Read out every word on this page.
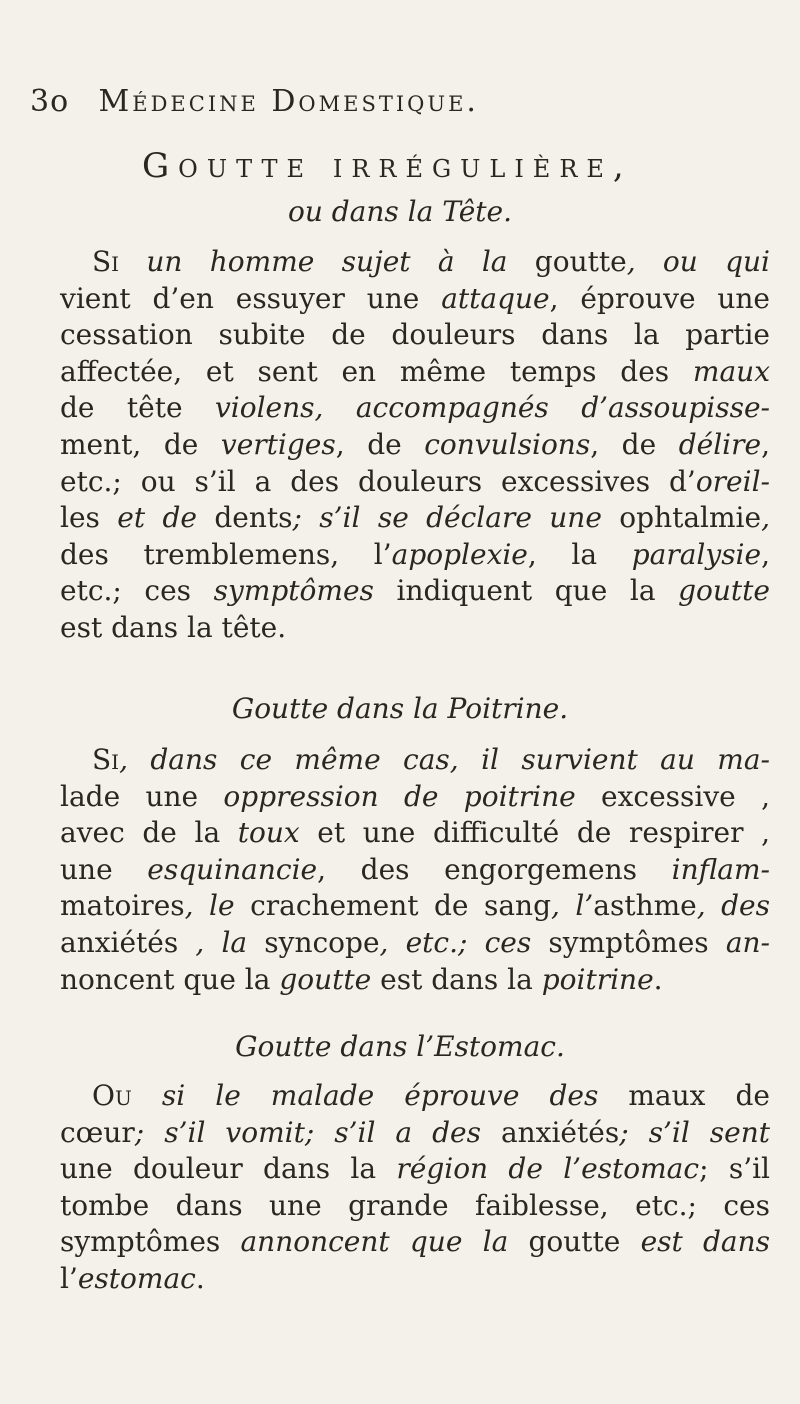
3o Médecine Domestique.
Goutte irrégulière,
ou dans la Tête.
Si un homme sujet à la goutte, ou qui
vient d’en essuyer une attaque, éprouve une
cessation subite de douleurs dans la partie
affectée, et sent en même temps des maux
de tête violens, accompagnés d’assoupisse-
ment, de vertiges, de convulsions, de délire,
etc.; ou s’il a des douleurs excessives d’oreil-
les et de dents; s’il se déclare une ophtalmie,
des tremblemens, l’apoplexie, la paralysie,
etc.; ces symptômes indiquent que la goutte
est dans la tête.
Goutte dans la Poitrine.
Si, dans ce même cas, il survient au ma-
lade une oppression de poitrine excessive ,
avec de la toux et une difficulté de respirer ,
une esquinancie, des engorgemens inflam-
matoires, le crachement de sang, l’asthme, des
anxiétés , la syncope, etc.; ces symptômes an-
noncent que la goutte est dans la poitrine.
Goutte dans l’Estomac.
Ou si le malade éprouve des maux de
cœur; s’il vomit; s’il a des anxiétés; s’il sent
une douleur dans la région de l’estomac; s’il
tombe dans une grande faiblesse, etc.; ces
symptômes annoncent que la goutte est dans
l’estomac.
